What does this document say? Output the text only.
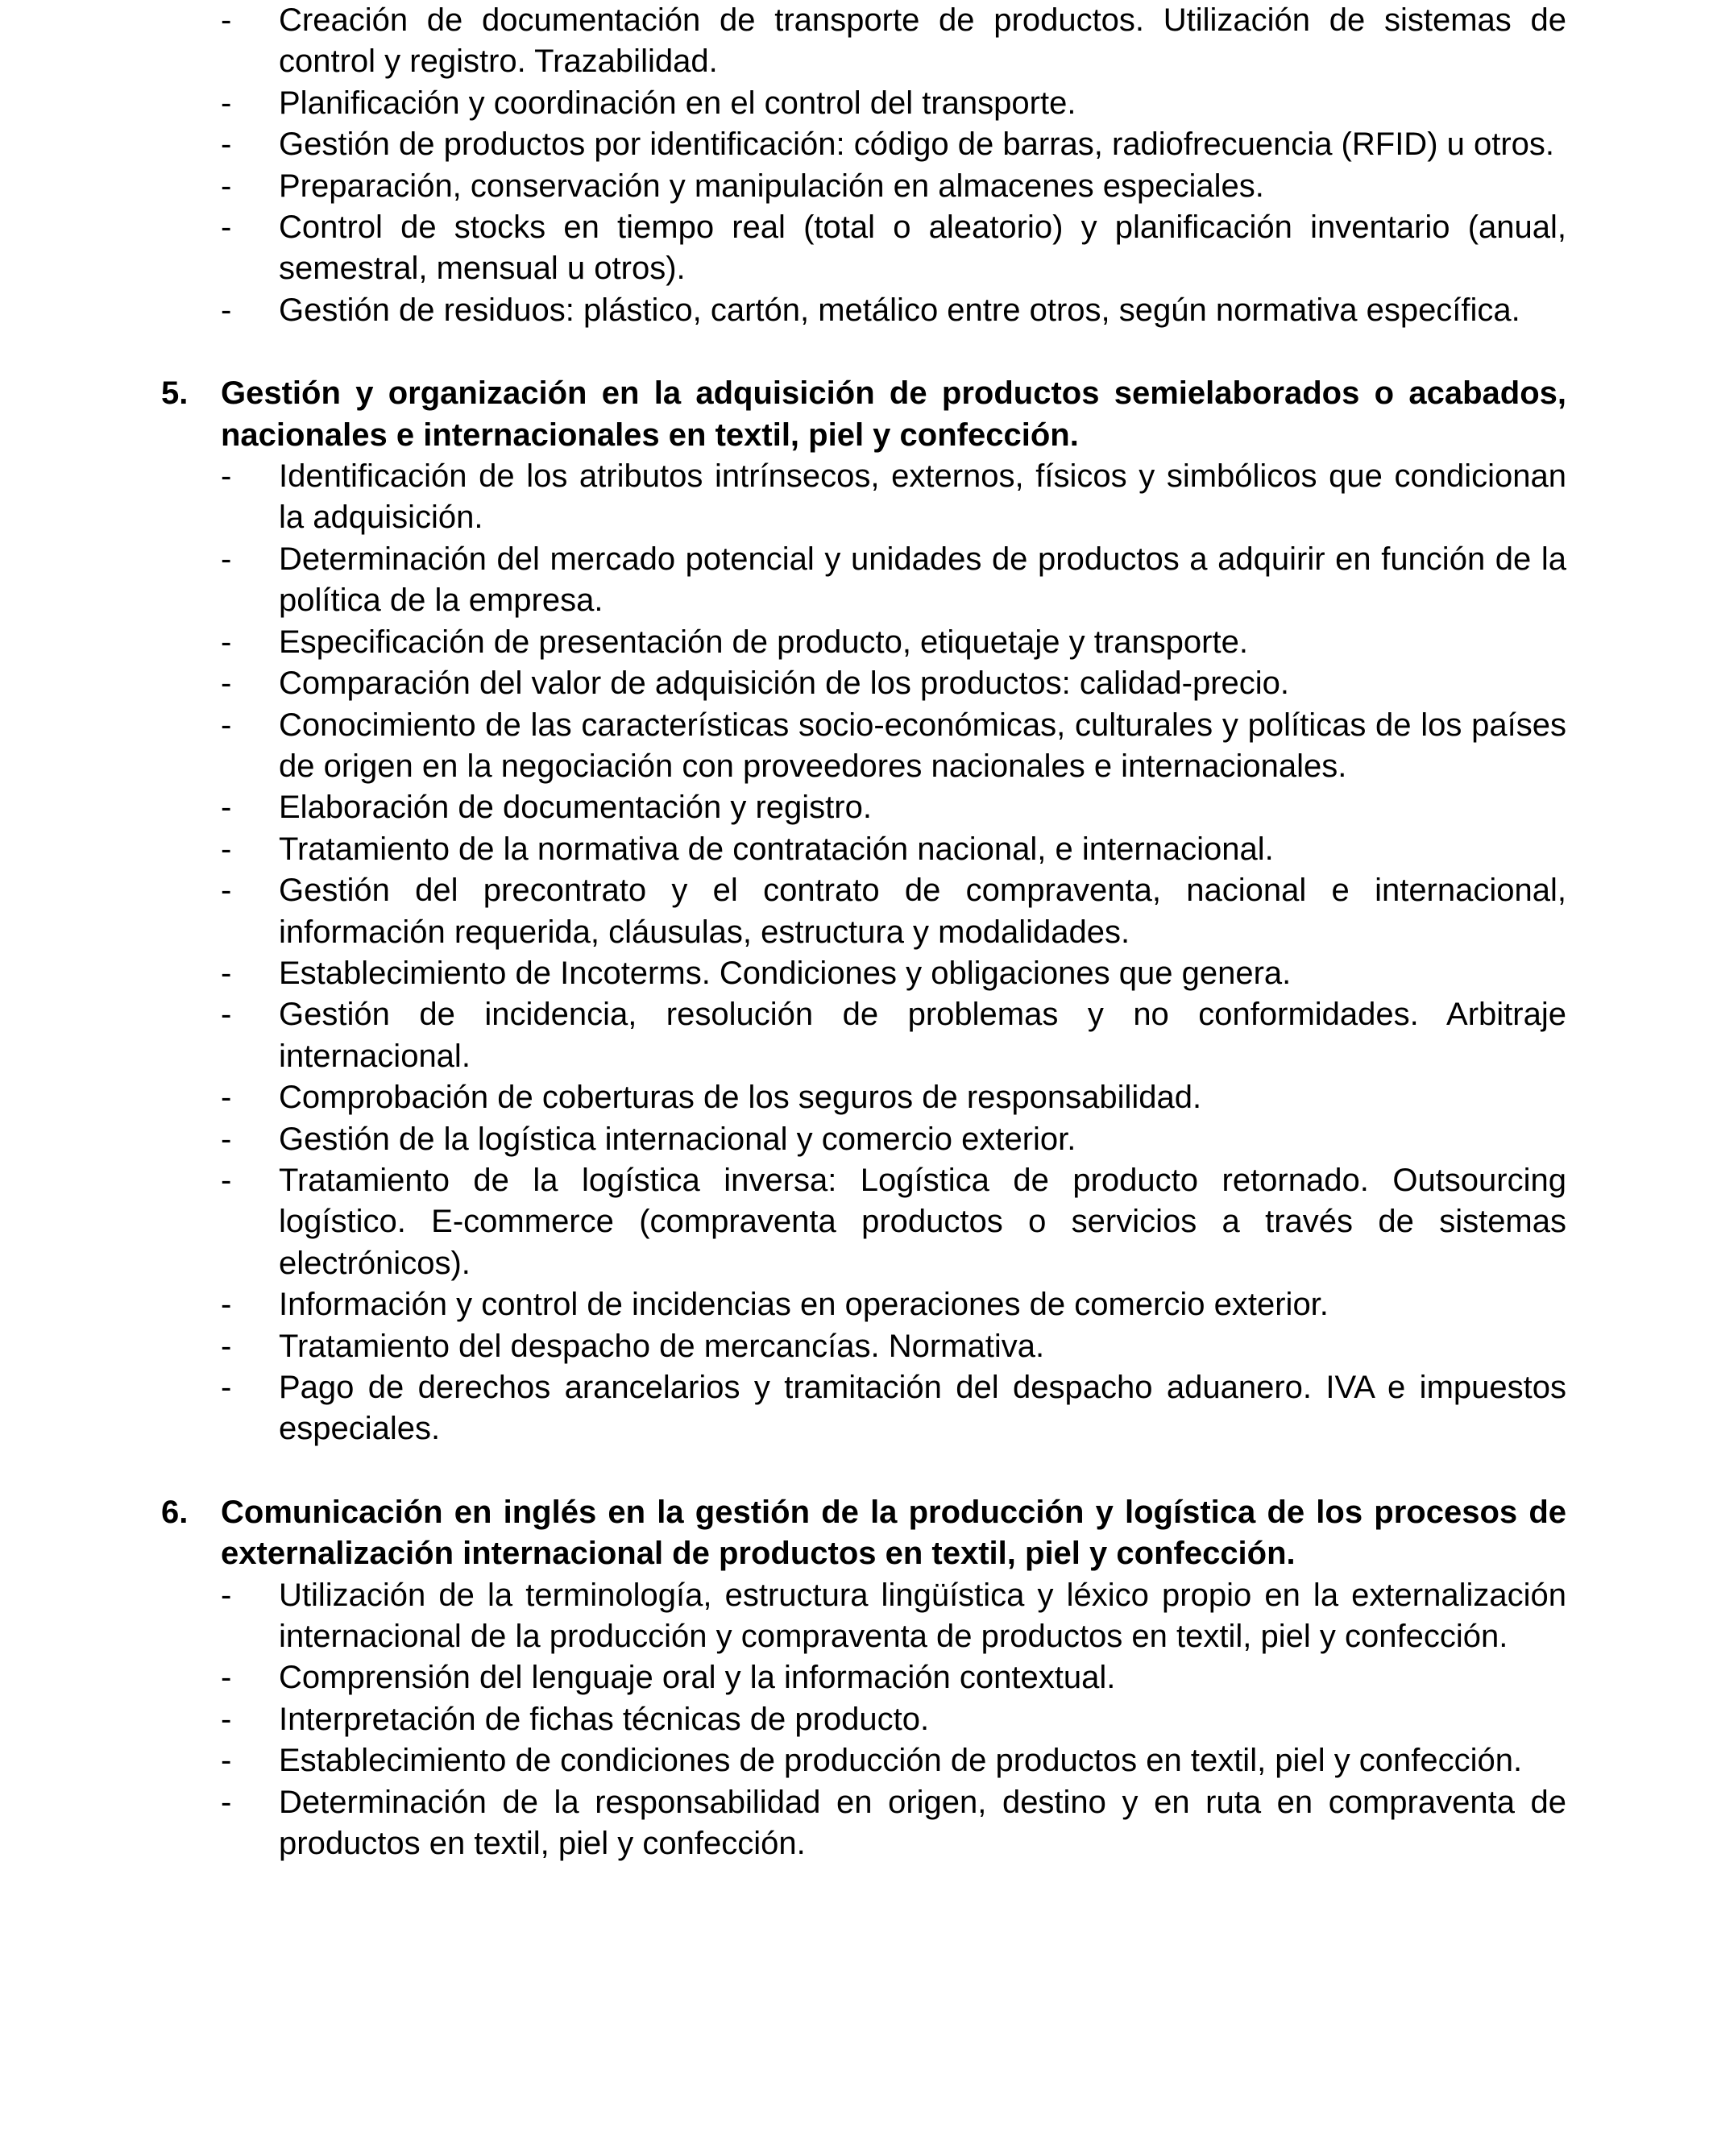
- Creación de documentación de transporte de productos. Utilización de sistemas de control y registro. Trazabilidad.
- Planificación y coordinación en el control del transporte.
- Gestión de productos por identificación: código de barras, radiofrecuencia (RFID) u otros.
- Preparación, conservación y manipulación en almacenes especiales.
- Control de stocks en tiempo real (total o aleatorio) y planificación inventario (anual, semestral, mensual u otros).
- Gestión de residuos: plástico, cartón, metálico entre otros, según normativa específica.
5. Gestión y organización en la adquisición de productos semielaborados o acabados, nacionales e internacionales en textil, piel y confección.
- Identificación de los atributos intrínsecos, externos, físicos y simbólicos que condicionan la adquisición.
- Determinación del mercado potencial y unidades de productos a adquirir en función de la política de la empresa.
- Especificación de presentación de producto, etiquetaje y transporte.
- Comparación del valor de adquisición de los productos: calidad-precio.
- Conocimiento de las características socio-económicas, culturales y políticas de los países de origen en la negociación con proveedores nacionales e internacionales.
- Elaboración de documentación y registro.
- Tratamiento de la normativa de contratación nacional, e internacional.
- Gestión del precontrato y el contrato de compraventa, nacional e internacional, información requerida, cláusulas, estructura y modalidades.
- Establecimiento de Incoterms. Condiciones y obligaciones que genera.
- Gestión de incidencia, resolución de problemas y no conformidades. Arbitraje internacional.
- Comprobación de coberturas de los seguros de responsabilidad.
- Gestión de la logística internacional y comercio exterior.
- Tratamiento de la logística inversa: Logística de producto retornado. Outsourcing logístico. E-commerce (compraventa productos o servicios a través de sistemas electrónicos).
- Información y control de incidencias en operaciones de comercio exterior.
- Tratamiento del despacho de mercancías. Normativa.
- Pago de derechos arancelarios y tramitación del despacho aduanero. IVA e impuestos especiales.
6. Comunicación en inglés en la gestión de la producción y logística de los procesos de externalización internacional de productos en textil, piel y confección.
- Utilización de la terminología, estructura lingüística y léxico propio en la externalización internacional de la producción y compraventa de productos en textil, piel y confección.
- Comprensión del lenguaje oral y la información contextual.
- Interpretación de fichas técnicas de producto.
- Establecimiento de condiciones de producción de productos en textil, piel y confección.
- Determinación de la responsabilidad en origen, destino y en ruta en compraventa de productos en textil, piel y confección.
